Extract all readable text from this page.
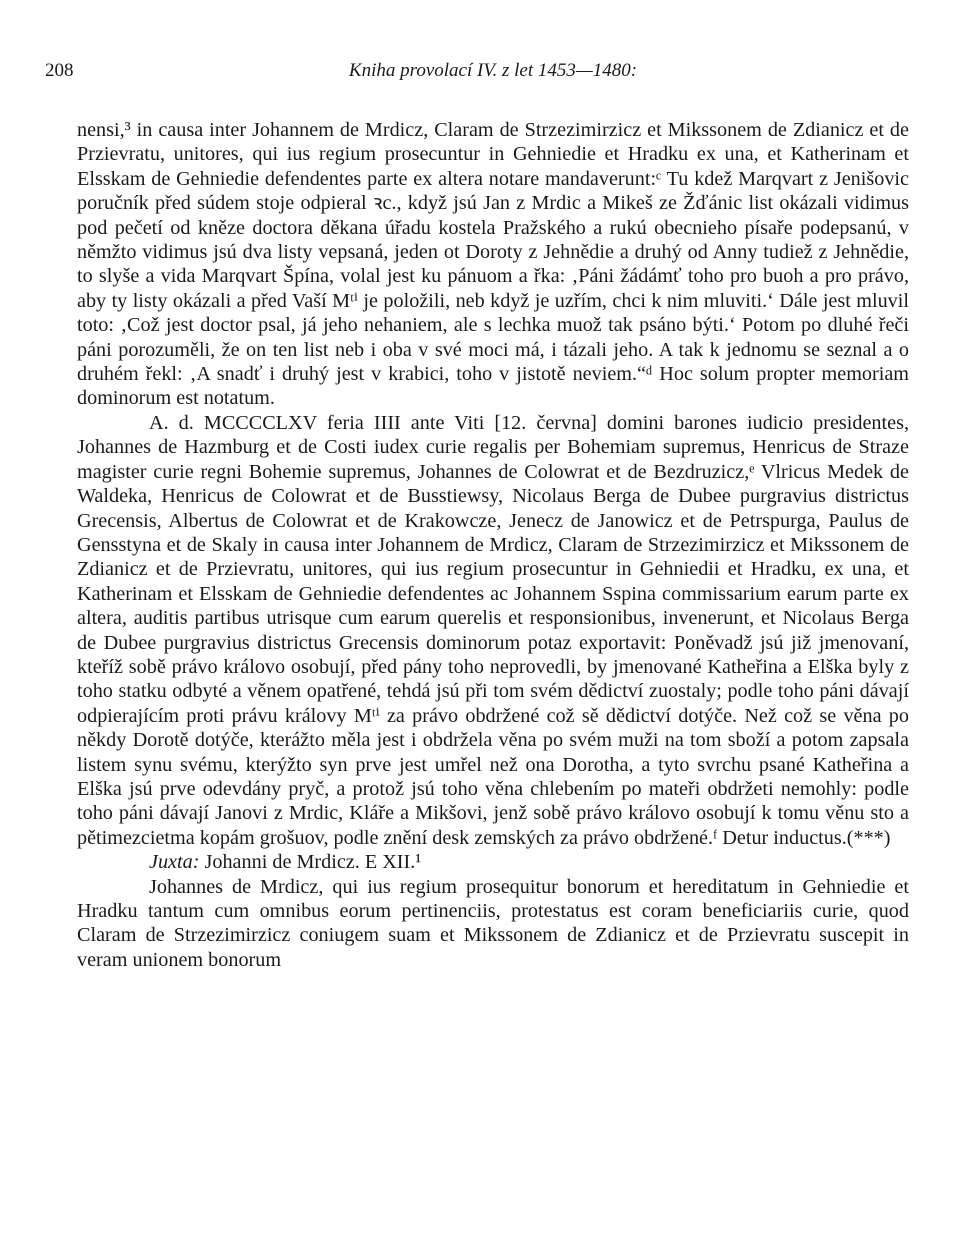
208	Kniha provolací IV. z let 1453—1480:

nensi,³ in causa inter Johannem de Mrdicz, Claram de Strzezimirzicz et Mikssonem de Zdianicz et de Przievratu, unitores, qui ius regium prosecuntur in Gehniedie et Hradku ex una, et Katherinam et Elsskam de Gehniedie defendentes parte ex altera notare mandaverunt:ᶜ Tu kdež Marqvart z Jenišovic poručník před súdem stoje odpieral ꝛc., když jsú Jan z Mrdic a Mikeš ze Žďánic list okázali vidimus pod pečetí od kněze doctora děkana úřadu kostela Pražského a rukú obecnieho písaře podepsanú, v němžto vidimus jsú dva listy vepsaná, jeden ot Doroty z Jehnědie a druhý od Anny tudiež z Jehnědie, to slyše a vida Marqvart Špína, volal jest ku pánuom a řka: ‚Páni žádámť toho pro buoh a pro právo, aby ty listy okázali a před Vaší Mᵗⁱ je položili, neb když je uzřím, chci k nim mluviti.‘ Dále jest mluvil toto: ‚Což jest doctor psal, já jeho nehaniem, ale s lechka muož tak psáno býti.‘ Potom po dluhé řeči páni porozuměli, že on ten list neb i oba v své moci má, i tázali jeho. A tak k jednomu se seznal a o druhém řekl: ‚A snadť i druhý jest v krabici, toho v jistotě neviem.“ᵈ Hoc solum propter memoriam dominorum est notatum.

A. d. MCCCCLXV feria IIII ante Viti [12. června] domini barones iudicio presidentes, Johannes de Hazmburg et de Costi iudex curie regalis per Bohemiam supremus, Henricus de Straze magister curie regni Bohemie supremus, Johannes de Colowrat et de Bezdruzicz,ᵉ Vlricus Medek de Waldeka, Henricus de Colowrat et de Busstiewsy, Nicolaus Berga de Dubee purgravius districtus Grecensis, Albertus de Colowrat et de Krakowcze, Jenecz de Janowicz et de Petrspurga, Paulus de Gensstyna et de Skaly in causa inter Johannem de Mrdicz, Claram de Strzezimirzicz et Mikssonem de Zdianicz et de Przievratu, unitores, qui ius regium prosecuntur in Gehniedii et Hradku, ex una, et Katherinam et Elsskam de Gehniedie defendentes ac Johannem Sspina commissarium earum parte ex altera, auditis partibus utrisque cum earum querelis et responsionibus, invenerunt, et Nicolaus Berga de Dubee purgravius districtus Grecensis dominorum potaz exportavit: Poněvadž jsú již jmenovaní, kteříž sobě právo královo osobují, před pány toho neprovedli, by jmenované Katheřina a Elška byly z toho statku odbyté a věnem opatřené, tehdá jsú při tom svém dědictví zuostaly; podle toho páni dávají odpierajícím proti právu královy Mᵗⁱ za právo obdržené což sě dědictví dotýče. Než což se věna po někdy Dorotě dotýče, kterážto měla jest i obdržela věna po svém muži na tom sboží a potom zapsala listem synu svému, kterýžto syn prve jest umřel než ona Dorotha, a tyto svrchu psané Katheřina a Elška jsú prve odevdány pryč, a protož jsú toho věna chlebením po mateři obdržeti nemohly: podle toho páni dávají Janovi z Mrdic, Kláře a Mikšovi, jenž sobě právo královo osobují k tomu věnu sto a pětimezcietma kopám grošuov, podle znění desk zemských za právo obdržené.ᶠ Detur inductus.(***)

Juxta: Johanni de Mrdicz. E XII.¹

Johannes de Mrdicz, qui ius regium prosequitur bonorum et hereditatum in Gehniedie et Hradku tantum cum omnibus eorum pertinenciis, protestatus est coram beneficiariis curie, quod Claram de Strzezimirzicz coniugem suam et Mikssonem de Zdianicz et de Przievratu suscepit in veram unionem bonorum
